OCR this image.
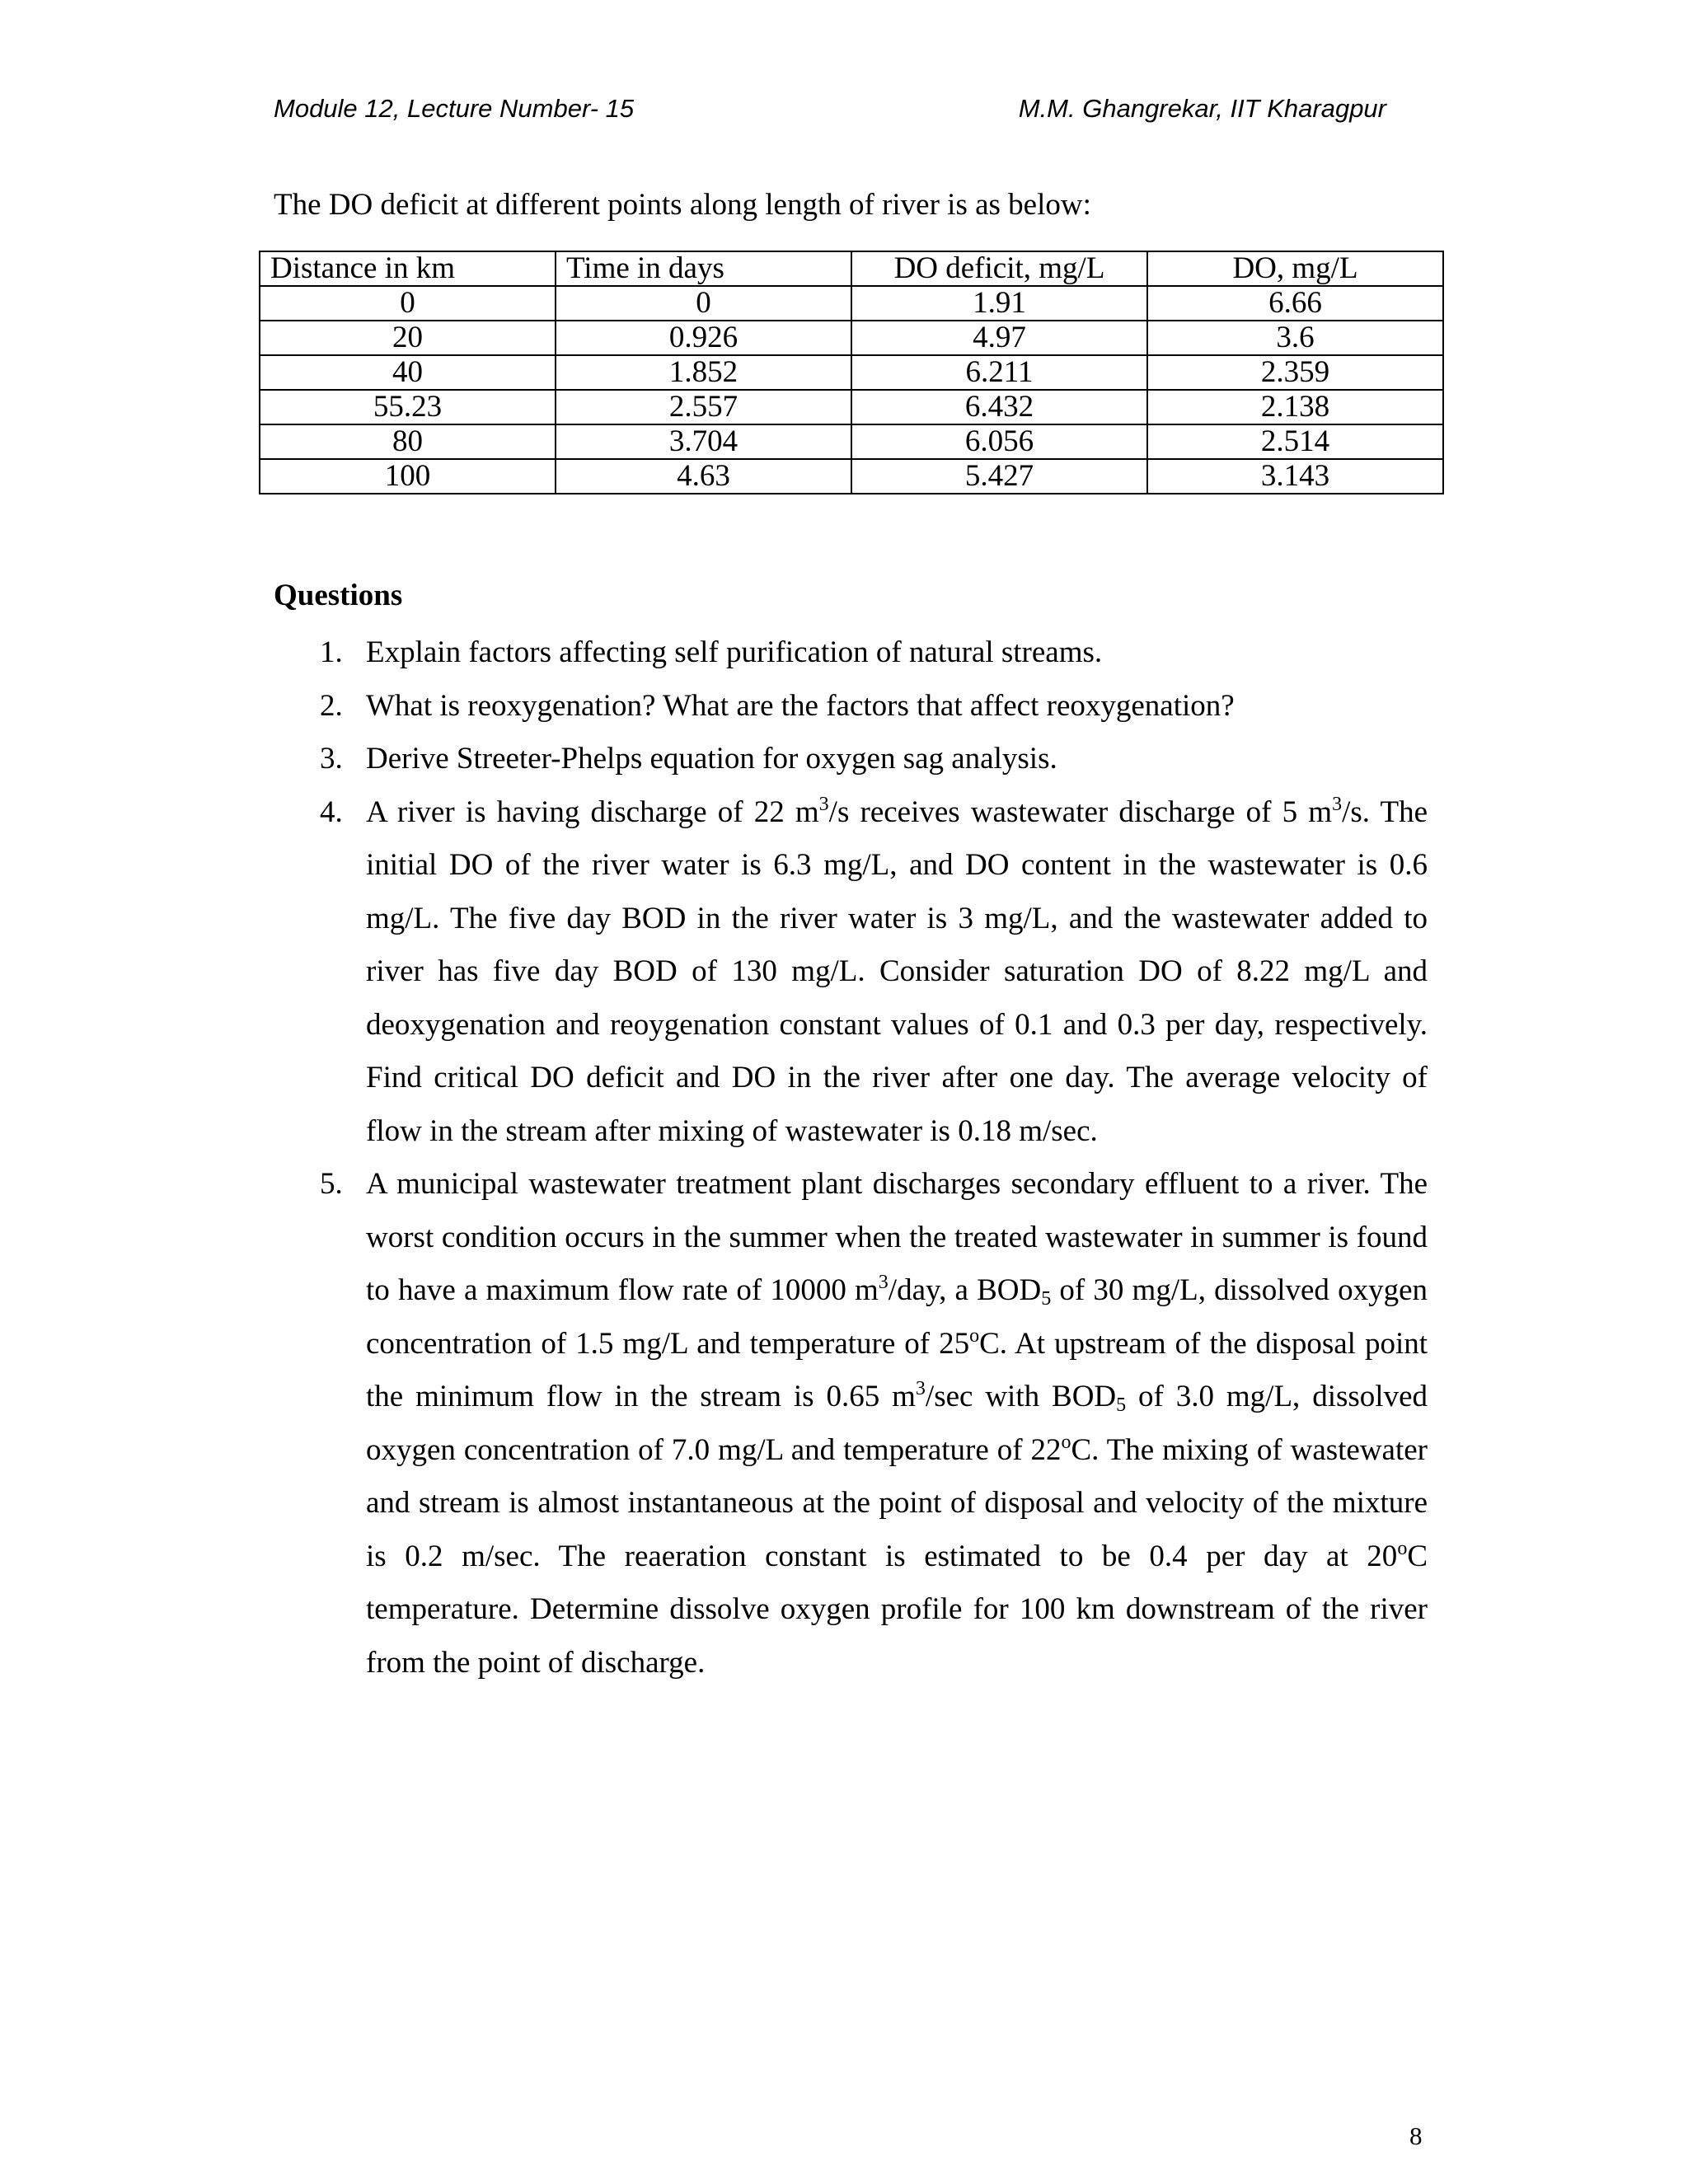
Module 12, Lecture Number- 15	M.M. Ghangrekar, IIT Kharagpur
The DO deficit at different points along length of river is as below:
Distance in km	Time in days	DO deficit, mg/L	DO, mg/L
0	0	1.91	6.66
20	0.926	4.97	3.6
40	1.852	6.211	2.359
55.23	2.557	6.432	2.138
80	3.704	6.056	2.514
100	4.63	5.427	3.143
Questions
1. Explain factors affecting self purification of natural streams.
2. What is reoxygenation? What are the factors that affect reoxygenation?
3. Derive Streeter-Phelps equation for oxygen sag analysis.
4. A river is having discharge of 22 $m^3/s$ receives wastewater discharge of 5 $m^3/s$. The initial DO of the river water is 6.3 mg/L, and DO content in the wastewater is 0.6 mg/L. The five day BOD in the river water is 3 mg/L, and the wastewater added to river has five day BOD of 130 mg/L. Consider saturation DO of 8.22 mg/L and deoxygenation and reoygenation constant values of 0.1 and 0.3 per day, respectively. Find critical DO deficit and DO in the river after one day. The average velocity of flow in the stream after mixing of wastewater is 0.18 m/sec.
5. A municipal wastewater treatment plant discharges secondary effluent to a river. The worst condition occurs in the summer when the treated wastewater in summer is found to have a maximum flow rate of 10000 $m^3$/day, a $BOD_5$ of 30 mg/L, dissolved oxygen concentration of 1.5 mg/L and temperature of 25$^o$C. At upstream of the disposal point the minimum flow in the stream is 0.65 $m^3/\sec$ with $BOD_5$ of 3.0 mg/L, dissolved oxygen concentration of 7.0 mg/L and temperature of 22$^o$C. The mixing of wastewater and stream is almost instantaneous at the point of disposal and velocity of the mixture is 0.2 m/sec. The reaeration constant is estimated to be 0.4 per day at 20$^o$C temperature. Determine dissolve oxygen profile for 100 km downstream of the river from the point of discharge.
8
